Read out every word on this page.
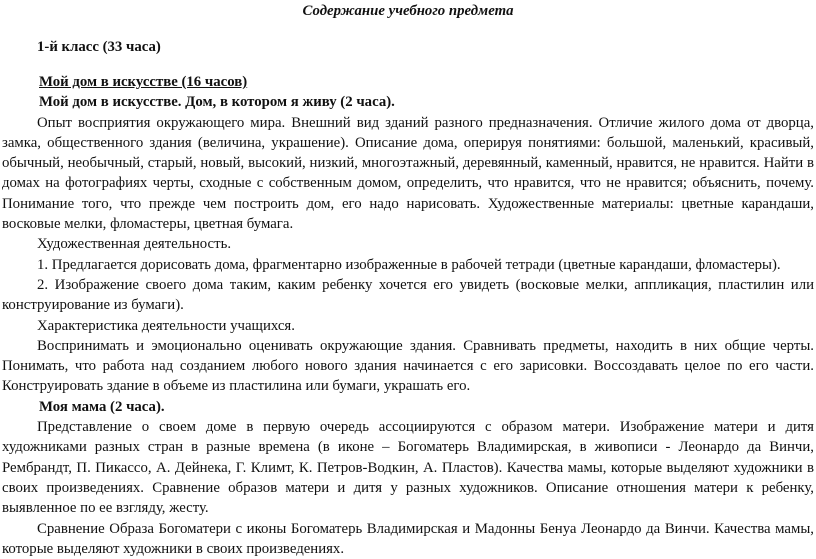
Содержание учебного предмета
1-й класс (33 часа)
Мой дом в искусстве (16 часов)
Мой дом в искусстве. Дом, в котором я живу (2 часа).

Опыт восприятия окружающего мира. Внешний вид зданий разного предназначения. Отличие жилого дома от дворца, замка, общественного здания (величина, украшение). Описание дома, оперируя понятиями: большой, маленький, красивый, обычный, необычный, старый, новый, высокий, низкий, многоэтажный, деревянный, каменный, нравится, не нравится. Найти в домах на фотографиях черты, сходные с собственным домом, определить, что нравится, что не нравится; объяснить, почему. Понимание того, что прежде чем построить дом, его надо нарисовать. Художественные материалы: цветные карандаши, восковые мелки, фломастеры, цветная бумага.

Художественная деятельность.

1. Предлагается дорисовать дома, фрагментарно изображенные в рабочей тетради (цветные карандаши, фломастеры).

2. Изображение своего дома таким, каким ребенку хочется его увидеть (восковые мелки, аппликация, пластилин или конструирование из бумаги).

Характеристика деятельности учащихся.

Воспринимать и эмоционально оценивать окружающие здания. Сравнивать предметы, находить в них общие черты. Понимать, что работа над созданием любого нового здания начинается с его зарисовки. Воссоздавать целое по его части. Конструировать здание в объеме из пластилина или бумаги, украшать его.

Моя мама (2 часа).

Представление о своем доме в первую очередь ассоциируются с образом матери. Изображение матери и дитя художниками разных стран в разные времена (в иконе – Богоматерь Владимирская, в живописи - Леонардо да Винчи, Рембрандт, П. Пикассо, А. Дейнека, Г. Климт, К. Петров-Водкин, А. Пластов). Качества мамы, которые выделяют художники в своих произведениях. Сравнение образов матери и дитя у разных художников. Описание отношения матери к ребенку, выявленное по ее взгляду, жесту.

Сравнение Образа Богоматери с иконы Богоматерь Владимирская и Мадонны Бенуа Леонардо да Винчи. Качества мамы, которые выделяют художники в своих произведениях.
